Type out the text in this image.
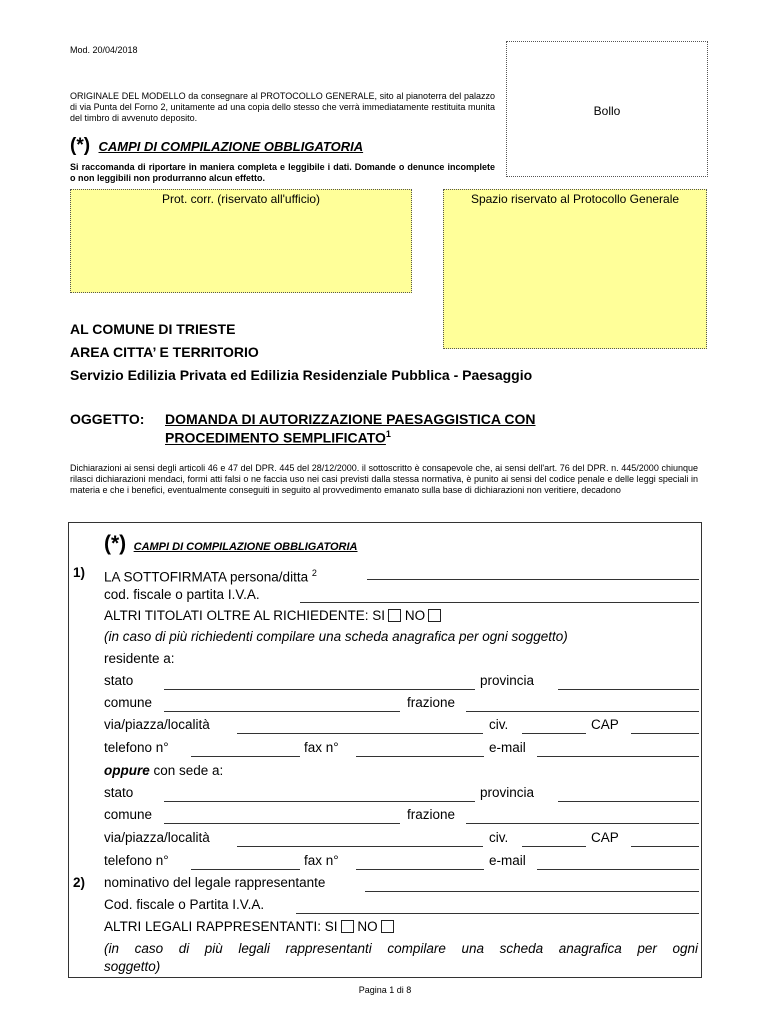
Mod. 20/04/2018
Bollo
ORIGINALE DEL MODELLO da consegnare al PROTOCOLLO GENERALE, sito al pianoterra del palazzo di via Punta del Forno 2, unitamente ad una copia dello stesso che verrà immediatamente restituita munita del timbro di avvenuto deposito.
(*) CAMPI DI COMPILAZIONE OBBLIGATORIA
Si raccomanda di riportare in maniera completa e leggibile i dati. Domande o denunce incomplete o non leggibili non produrranno alcun effetto.
Prot. corr. (riservato all'ufficio)	Spazio riservato al Protocollo Generale
AL COMUNE DI TRIESTE
AREA CITTA’ E TERRITORIO
Servizio Edilizia Privata ed Edilizia Residenziale Pubblica - Paesaggio
OGGETTO: DOMANDA DI AUTORIZZAZIONE PAESAGGISTICA CON
PROCEDIMENTO SEMPLIFICATO$^1$
Dichiarazioni ai sensi degli articoli 46 e 47 del DPR. 445 del 28/12/2000. il sottoscritto è consapevole che, ai sensi dell'art. 76 del DPR. n. 445/2000 chiunque rilasci dichiarazioni mendaci, formi atti falsi o ne faccia uso nei casi previsti dalla stessa normativa, è punito ai sensi del codice penale e delle leggi speciali in materia e che i benefici, eventualmente conseguiti in seguito al provvedimento emanato sulla base di dichiarazioni non veritiere, decadono
(*) CAMPI DI COMPILAZIONE OBBLIGATORIA
1) LA SOTTOFIRMATA persona/ditta $^2$
cod. fiscale o partita I.V.A.
ALTRI TITOLATI OLTRE AL RICHIEDENTE: SI NO
(in caso di più richiedenti compilare una scheda anagrafica per ogni soggetto)
residente a:
stato	provincia
comune	frazione
via/piazza/località	civ.	CAP
telefono n°	fax n°	e-mail
oppure con sede a:
stato	provincia
comune	frazione
via/piazza/località	civ.	CAP
telefono n°	fax n°	e-mail
2) nominativo del legale rappresentante
Cod. fiscale o Partita I.V.A.
ALTRI LEGALI RAPPRESENTANTI: SI NO
(in caso di più legali rappresentanti compilare una scheda anagrafica per ogni
soggetto)
Pagina 1 di 8
